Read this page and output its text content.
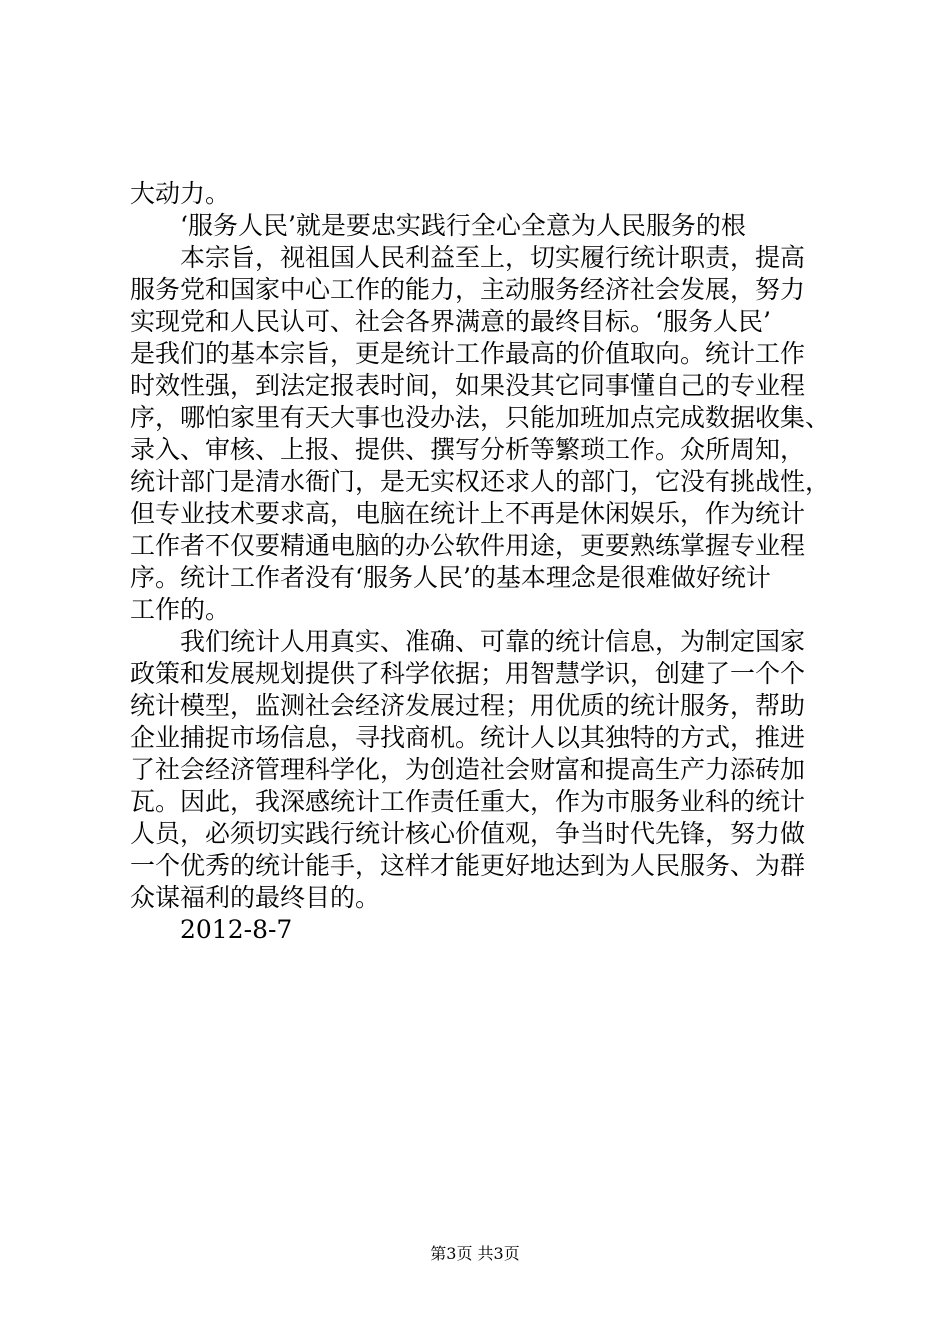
大动力。
‘服务人民’就是要忠实践行全心全意为人民服务的根
本宗旨，视祖国人民利益至上，切实履行统计职责，提高
服务党和国家中心工作的能力，主动服务经济社会发展，努力
实现党和人民认可、社会各界满意的最终目标。‘服务人民’
是我们的基本宗旨，更是统计工作最高的价值取向。统计工作
时效性强，到法定报表时间，如果没其它同事懂自己的专业程
序，哪怕家里有天大事也没办法，只能加班加点完成数据收集、
录入、审核、上报、提供、撰写分析等繁琐工作。众所周知，
统计部门是清水衙门，是无实权还求人的部门，它没有挑战性，
但专业技术要求高，电脑在统计上不再是休闲娱乐，作为统计
工作者不仅要精通电脑的办公软件用途，更要熟练掌握专业程
序。统计工作者没有‘服务人民’的基本理念是很难做好统计
工作的。
我们统计人用真实、准确、可靠的统计信息，为制定国家
政策和发展规划提供了科学依据；用智慧学识，创建了一个个
统计模型，监测社会经济发展过程；用优质的统计服务，帮助
企业捕捉市场信息，寻找商机。统计人以其独特的方式，推进
了社会经济管理科学化，为创造社会财富和提高生产力添砖加
瓦。因此，我深感统计工作责任重大，作为市服务业科的统计
人员，必须切实践行统计核心价值观，争当时代先锋，努力做
一个优秀的统计能手，这样才能更好地达到为人民服务、为群
众谋福利的最终目的。
2012-8-7
第3页 共3页
